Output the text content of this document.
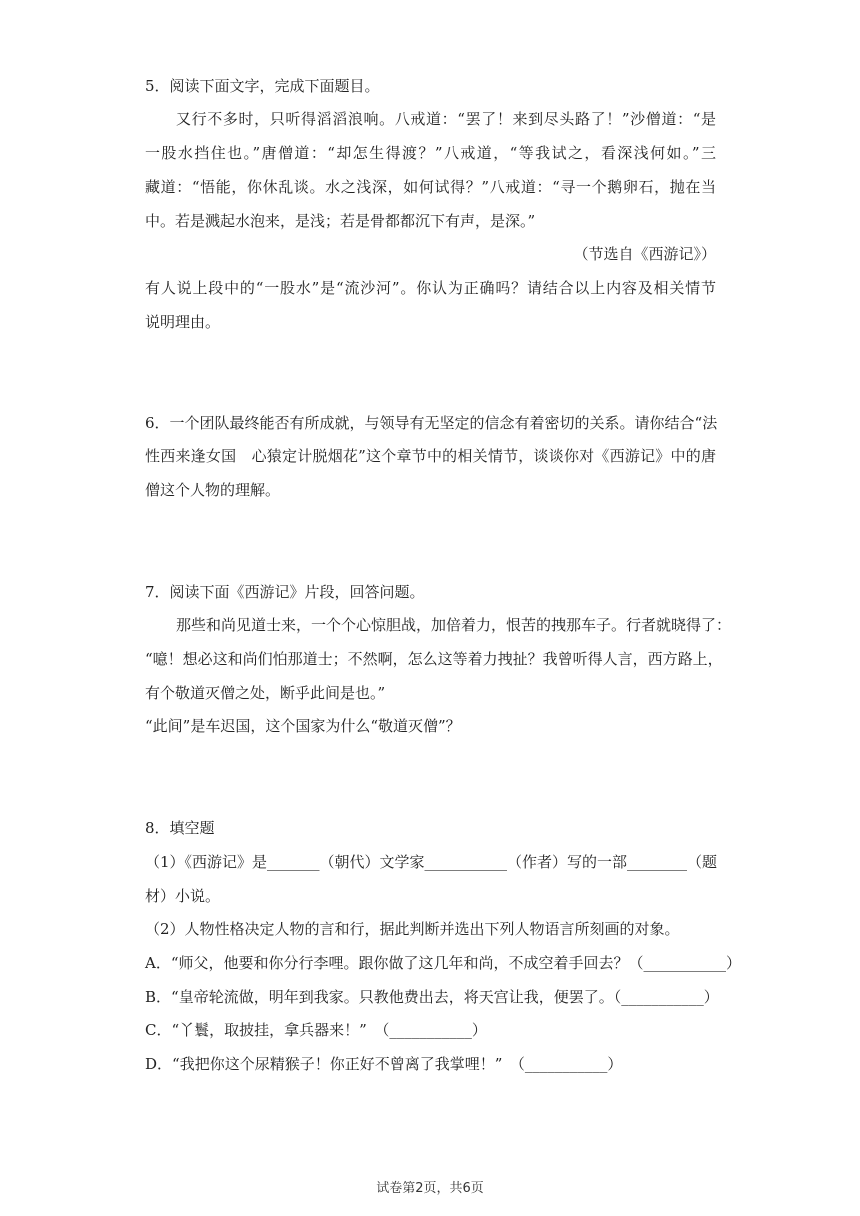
5．阅读下面文字，完成下面题目。
又行不多时，只听得滔滔浪响。八戒道：“罢了！来到尽头路了！”沙僧道：“是
一股水挡住也。”唐僧道：“却怎生得渡？”八戒道，“等我试之，看深浅何如。”三
藏道：“悟能，你休乱谈。水之浅深，如何试得？”八戒道：“寻一个鹅卵石，抛在当
中。若是溅起水泡来，是浅；若是骨都都沉下有声，是深。”
（节选自《西游记》）
有人说上段中的“一股水”是“流沙河”。你认为正确吗？请结合以上内容及相关情节
说明理由。
6．一个团队最终能否有所成就，与领导有无坚定的信念有着密切的关系。请你结合“法
性西来逢女国　心猿定计脱烟花”这个章节中的相关情节，谈谈你对《西游记》中的唐
僧这个人物的理解。
7．阅读下面《西游记》片段，回答问题。
那些和尚见道士来，一个个心惊胆战，加倍着力，恨苦的拽那车子。行者就晓得了：
“噫！想必这和尚们怕那道士；不然啊，怎么这等着力拽扯？我曾听得人言，西方路上，
有个敬道灭僧之处，断乎此间是也。”
“此间”是车迟国，这个国家为什么“敬道灭僧”？
8．填空题
（1）《西游记》是_______（朝代）文学家___________（作者）写的一部________（题
材）小说。
（2）人物性格决定人物的言和行，据此判断并选出下列人物语言所刻画的对象。
A．“师父，他要和你分行李哩。跟你做了这几年和尚，不成空着手回去？（___________）
B．“皇帝轮流做，明年到我家。只教他费出去，将天宫让我，便罢了。（___________）
C．“丫鬟，取披挂，拿兵器来！”　（___________）
D．“我把你这个尿精猴子！你正好不曾离了我掌哩！”　（___________）
试卷第2页，共6页
